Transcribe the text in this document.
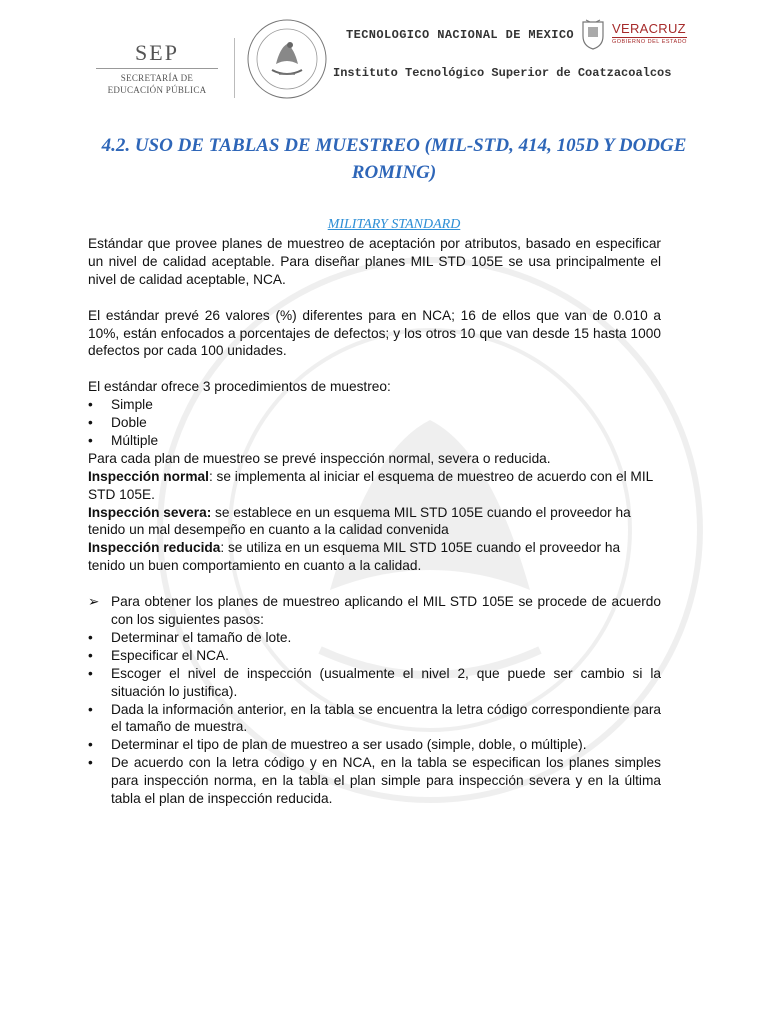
SEP
SECRETARÍA DE
EDUCACIÓN PÚBLICA
TECNOLOGICO NACIONAL DE MEXICO	VERACRUZ
GOBIERNO DEL ESTADO
Instituto Tecnológico Superior de Coatzacoalcos
4.2. USO DE TABLAS DE MUESTREO (MIL-STD, 414, 105D Y DODGE ROMING)
MILITARY STANDARD

Estándar que provee planes de muestreo de aceptación por atributos, basado en especificar un nivel de calidad aceptable. Para diseñar planes MIL STD 105E se usa principalmente el nivel de calidad aceptable, NCA.

El estándar prevé 26 valores (%) diferentes para en NCA; 16 de ellos que van de 0.010 a 10%, están enfocados a porcentajes de defectos; y los otros 10 que van desde 15 hasta 1000 defectos por cada 100 unidades.

El estándar ofrece 3 procedimientos de muestreo:

• Simple
• Doble
• Múltiple

Para cada plan de muestreo se prevé inspección normal, severa o reducida.

Inspección normal: se implementa al iniciar el esquema de muestreo de acuerdo con el MIL STD 105E.

Inspección severa: se establece en un esquema MIL STD 105E cuando el proveedor ha tenido un mal desempeño en cuanto a la calidad convenida

Inspección reducida: se utiliza en un esquema MIL STD 105E cuando el proveedor ha tenido un buen comportamiento en cuanto a la calidad.

➢ Para obtener los planes de muestreo aplicando el MIL STD 105E se procede de acuerdo con los siguientes pasos:
• Determinar el tamaño de lote.
• Especificar el NCA.
• Escoger el nivel de inspección (usualmente el nivel 2, que puede ser cambio si la situación lo justifica).
• Dada la información anterior, en la tabla se encuentra la letra código correspondiente para el tamaño de muestra.
• Determinar el tipo de plan de muestreo a ser usado (simple, doble, o múltiple).
• De acuerdo con la letra código y en NCA, en la tabla se especifican los planes simples para inspección norma, en la tabla el plan simple para inspección severa y en la última tabla el plan de inspección reducida.
